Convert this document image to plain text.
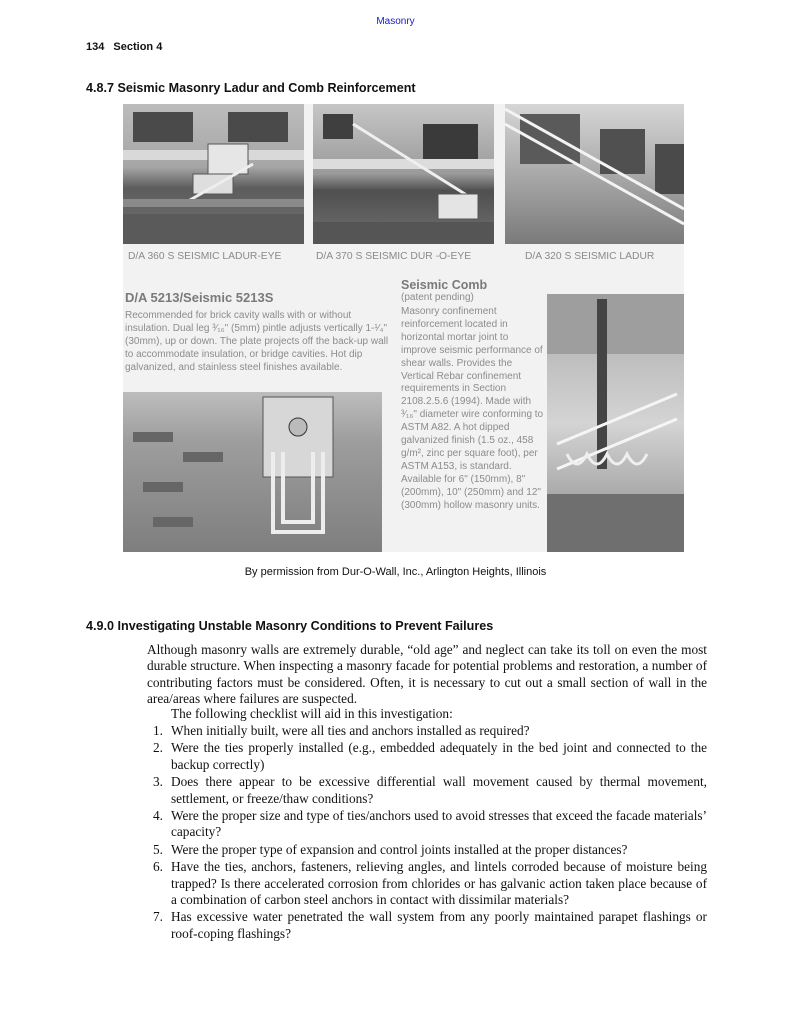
Masonry
134 Section 4
4.8.7 Seismic Masonry Ladur and Comb Reinforcement
D/A 360 S SEISMIC LADUR-EYE	D/A 370 S SEISMIC DUR -O-EYE	D/A 320 S SEISMIC LADUR
D/A 5213/Seismic 5213S
Recommended for brick cavity walls with or without insulation. Dual leg ³⁄₁₆" (5mm) pintle adjusts vertically 1-¹⁄₄" (30mm), up or down. The plate projects off the back-up wall to accommodate insulation, or bridge cavities. Hot dip galvanized, and stainless steel finishes available.
Seismic Comb
(patent pending)
Masonry confinement reinforcement located in horizontal mortar joint to improve seismic performance of shear walls. Provides the Vertical Rebar confinement requirements in Section 2108.2.5.6 (1994). Made with ³⁄₁₆" diameter wire conforming to ASTM A82. A hot dipped galvanized finish (1.5 oz., 458 g/m², zinc per square foot), per ASTM A153, is standard. Available for 6" (150mm), 8" (200mm), 10" (250mm) and 12" (300mm) hollow masonry units.
By permission from Dur-O-Wall, Inc., Arlington Heights, Illinois
4.9.0 Investigating Unstable Masonry Conditions to Prevent Failures
Although masonry walls are extremely durable, “old age” and neglect can take its toll on even the most durable structure. When inspecting a masonry facade for potential problems and restoration, a number of contributing factors must be considered. Often, it is necessary to cut out a small section of wall in the area/areas where failures are suspected.
The following checklist will aid in this investigation:
1. When initially built, were all ties and anchors installed as required?
2. Were the ties properly installed (e.g., embedded adequately in the bed joint and connected to the backup correctly)
3. Does there appear to be excessive differential wall movement caused by thermal movement, settlement, or freeze/thaw conditions?
4. Were the proper size and type of ties/anchors used to avoid stresses that exceed the facade materials’ capacity?
5. Were the proper type of expansion and control joints installed at the proper distances?
6. Have the ties, anchors, fasteners, relieving angles, and lintels corroded because of moisture being trapped? Is there accelerated corrosion from chlorides or has galvanic action taken place because of a combination of carbon steel anchors in contact with dissimilar materials?
7. Has excessive water penetrated the wall system from any poorly maintained parapet flashings or roof-coping flashings?
